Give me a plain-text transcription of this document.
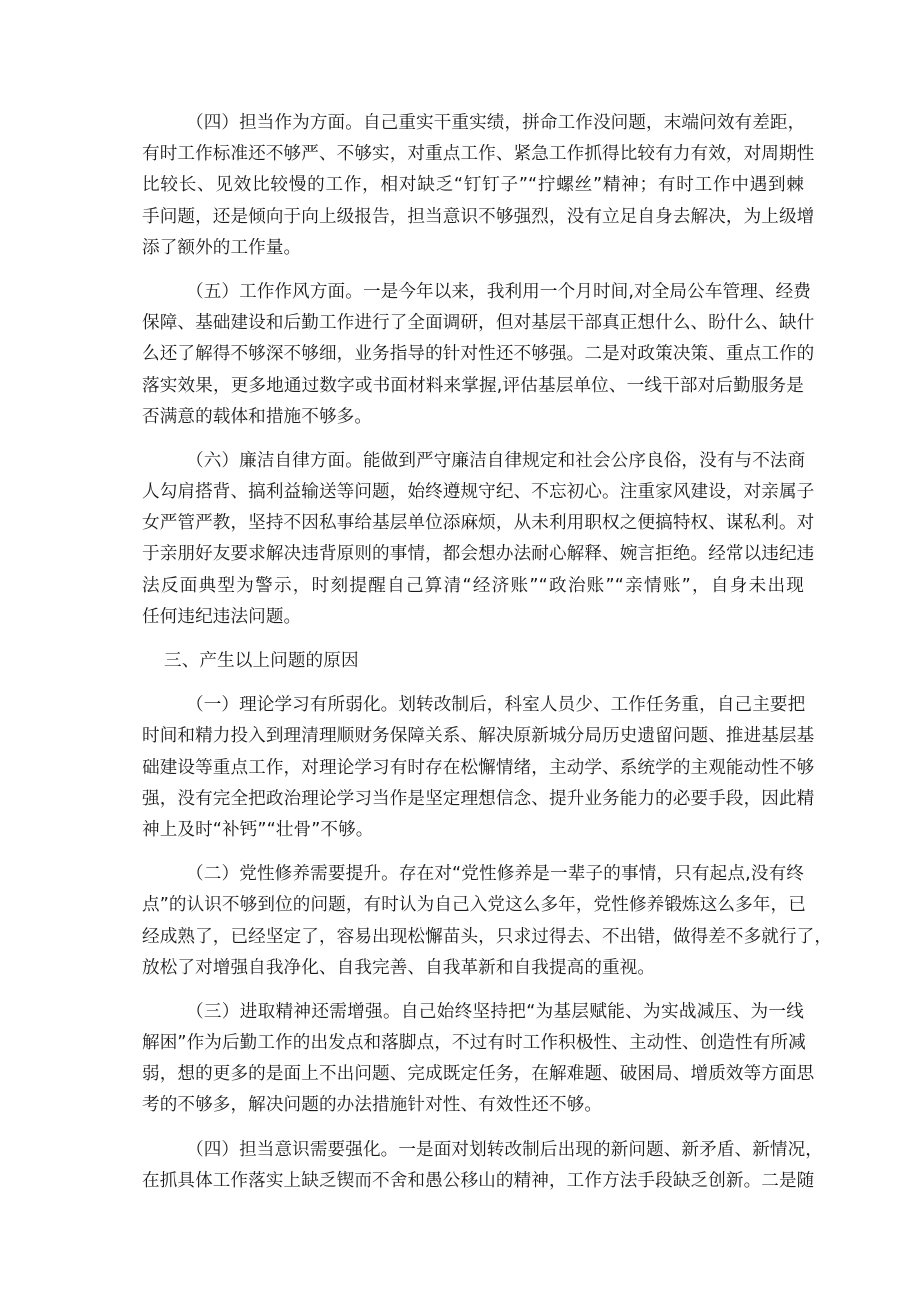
（四）担当作为方面。自己重实干重实绩，拼命工作没问题，末端问效有差距，
有时工作标准还不够严、不够实，对重点工作、紧急工作抓得比较有力有效，对周期性
比较长、见效比较慢的工作，相对缺乏“钉钉子”“拧螺丝”精神；有时工作中遇到棘
手问题，还是倾向于向上级报告，担当意识不够强烈，没有立足自身去解决，为上级增
添了额外的工作量。
（五）工作作风方面。一是今年以来，我利用一个月时间,对全局公车管理、经费
保障、基础建设和后勤工作进行了全面调研，但对基层干部真正想什么、盼什么、缺什
么还了解得不够深不够细，业务指导的针对性还不够强。二是对政策决策、重点工作的
落实效果，更多地通过数字或书面材料来掌握,评估基层单位、一线干部对后勤服务是
否满意的载体和措施不够多。
（六）廉洁自律方面。能做到严守廉洁自律规定和社会公序良俗，没有与不法商
人勾肩搭背、搞利益输送等问题，始终遵规守纪、不忘初心。注重家风建设，对亲属子
女严管严教，坚持不因私事给基层单位添麻烦，从未利用职权之便搞特权、谋私利。对
于亲朋好友要求解决违背原则的事情，都会想办法耐心解释、婉言拒绝。经常以违纪违
法反面典型为警示，时刻提醒自己算清“经济账”“政治账”“亲情账”，自身未出现
任何违纪违法问题。
三、产生以上问题的原因
（一）理论学习有所弱化。划转改制后，科室人员少、工作任务重，自己主要把
时间和精力投入到理清理顺财务保障关系、解决原新城分局历史遗留问题、推进基层基
础建设等重点工作，对理论学习有时存在松懈情绪，主动学、系统学的主观能动性不够
强，没有完全把政治理论学习当作是坚定理想信念、提升业务能力的必要手段，因此精
神上及时“补钙”“壮骨”不够。
（二）党性修养需要提升。存在对“党性修养是一辈子的事情，只有起点,没有终
点”的认识不够到位的问题，有时认为自己入党这么多年，党性修养锻炼这么多年，已
经成熟了，已经坚定了，容易出现松懈苗头，只求过得去、不出错，做得差不多就行了，
放松了对增强自我净化、自我完善、自我革新和自我提高的重视。
（三）进取精神还需增强。自己始终坚持把“为基层赋能、为实战减压、为一线
解困”作为后勤工作的出发点和落脚点，不过有时工作积极性、主动性、创造性有所减
弱，想的更多的是面上不出问题、完成既定任务，在解难题、破困局、增质效等方面思
考的不够多，解决问题的办法措施针对性、有效性还不够。
（四）担当意识需要强化。一是面对划转改制后出现的新问题、新矛盾、新情况，
在抓具体工作落实上缺乏锲而不舍和愚公移山的精神，工作方法手段缺乏创新。二是随
